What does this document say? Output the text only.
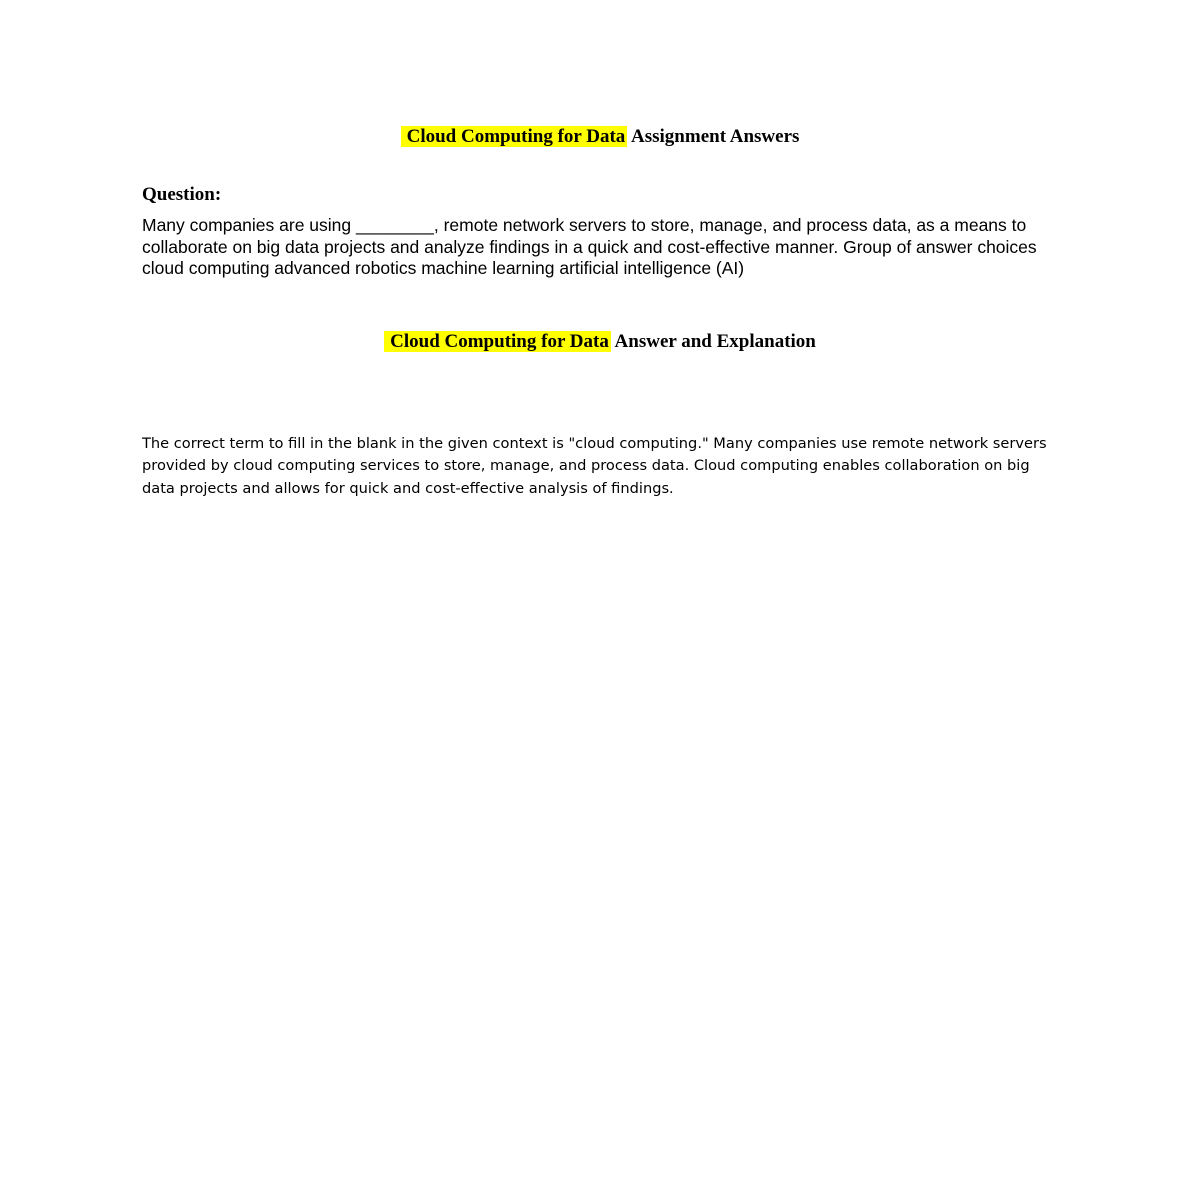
Cloud Computing for Data Assignment Answers

Question:

Many companies are using ________, remote network servers to store, manage, and process data, as a means to collaborate on big data projects and analyze findings in a quick and cost-effective manner. Group of answer choices cloud computing advanced robotics machine learning artificial intelligence (AI)

Cloud Computing for Data Answer and Explanation

The correct term to fill in the blank in the given context is "cloud computing." Many companies use remote network servers provided by cloud computing services to store, manage, and process data. Cloud computing enables collaboration on big data projects and allows for quick and cost-effective analysis of findings.
